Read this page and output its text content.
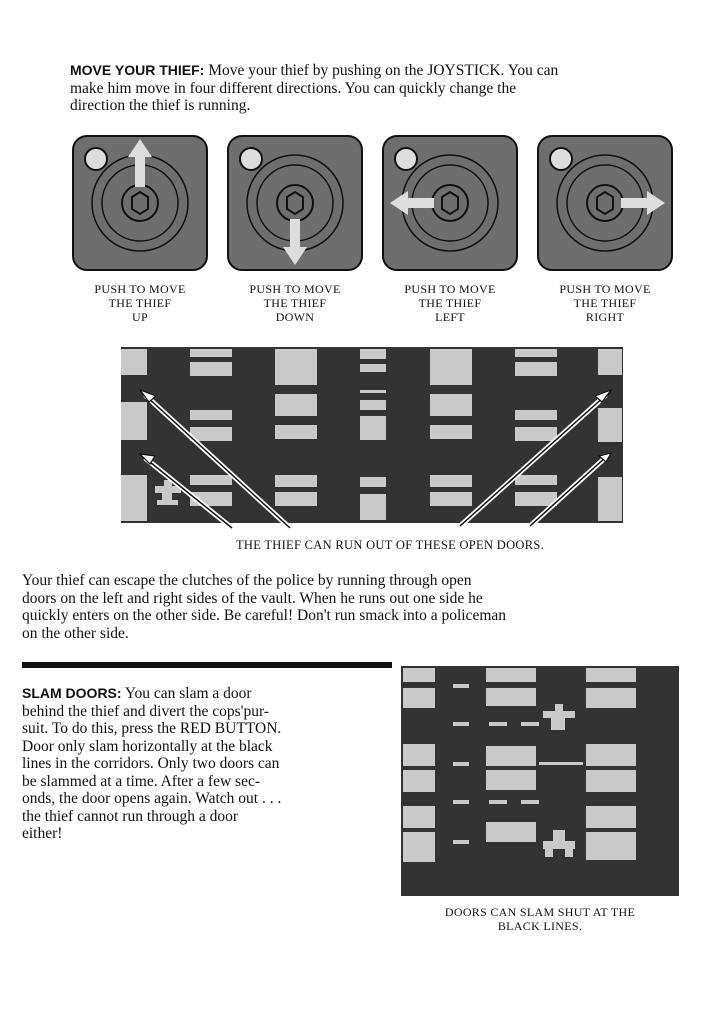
MOVE YOUR THIEF: Move your thief by pushing on the JOYSTICK. You can
make him move in four different directions. You can quickly change the
direction the thief is running.

PUSH TO MOVE
THE THIEF
UP
PUSH TO MOVE
THE THIEF
DOWN
PUSH TO MOVE
THE THIEF
LEFT
PUSH TO MOVE
THE THIEF
RIGHT
THE THIEF CAN RUN OUT OF THESE OPEN DOORS.

Your thief can escape the clutches of the police by running through open
doors on the left and right sides of the vault. When he runs out one side he
quickly enters on the other side. Be careful! Don't run smack into a policeman
on the other side.

SLAM DOORS: You can slam a door
behind the thief and divert the cops'pur-
suit. To do this, press the RED BUTTON.
Door only slam horizontally at the black
lines in the corridors. Only two doors can
be slammed at a time. After a few sec-
onds, the door opens again. Watch out . . .
the thief cannot run through a door
either!

DOORS CAN SLAM SHUT AT THE
BLACK LINES.
